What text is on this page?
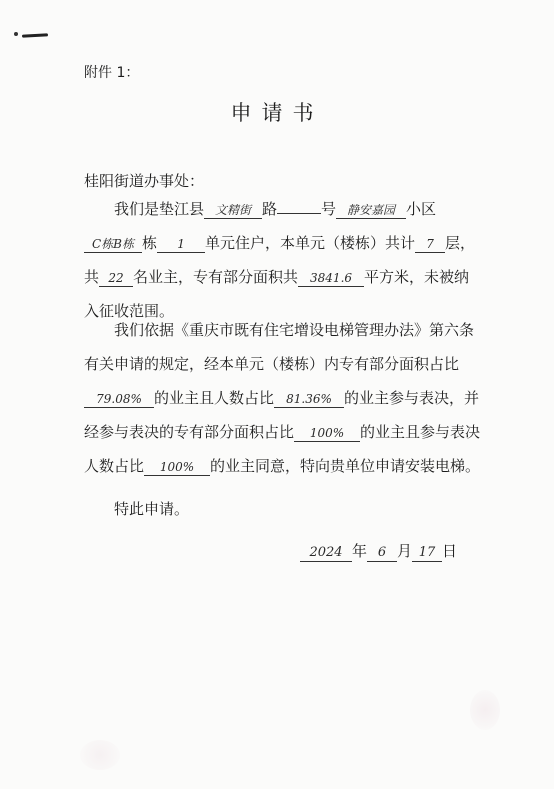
附件 1：
申请书
桂阳街道办事处：
我们是垫江县 文精街 路	号 静安嘉园 小区
C栋B栋 栋 1 单元住户，本单元（楼栋）共计 7 层，
共 22 名业主，专有部分面积共 3841.6 平方米，未被纳入征收范围。
我们依据《重庆市既有住宅增设电梯管理办法》第六条有关申请的规定，经本单元（楼栋）内专有部分面积占比79.08% 的业主且人数占比 81.36% 的业主参与表决，并经参与表决的专有部分面积占比 100% 的业主且参与表决人数占比 100% 的业主同意，特向贵单位申请安装电梯。
特此申请。
2024 年 6 月 17 日
